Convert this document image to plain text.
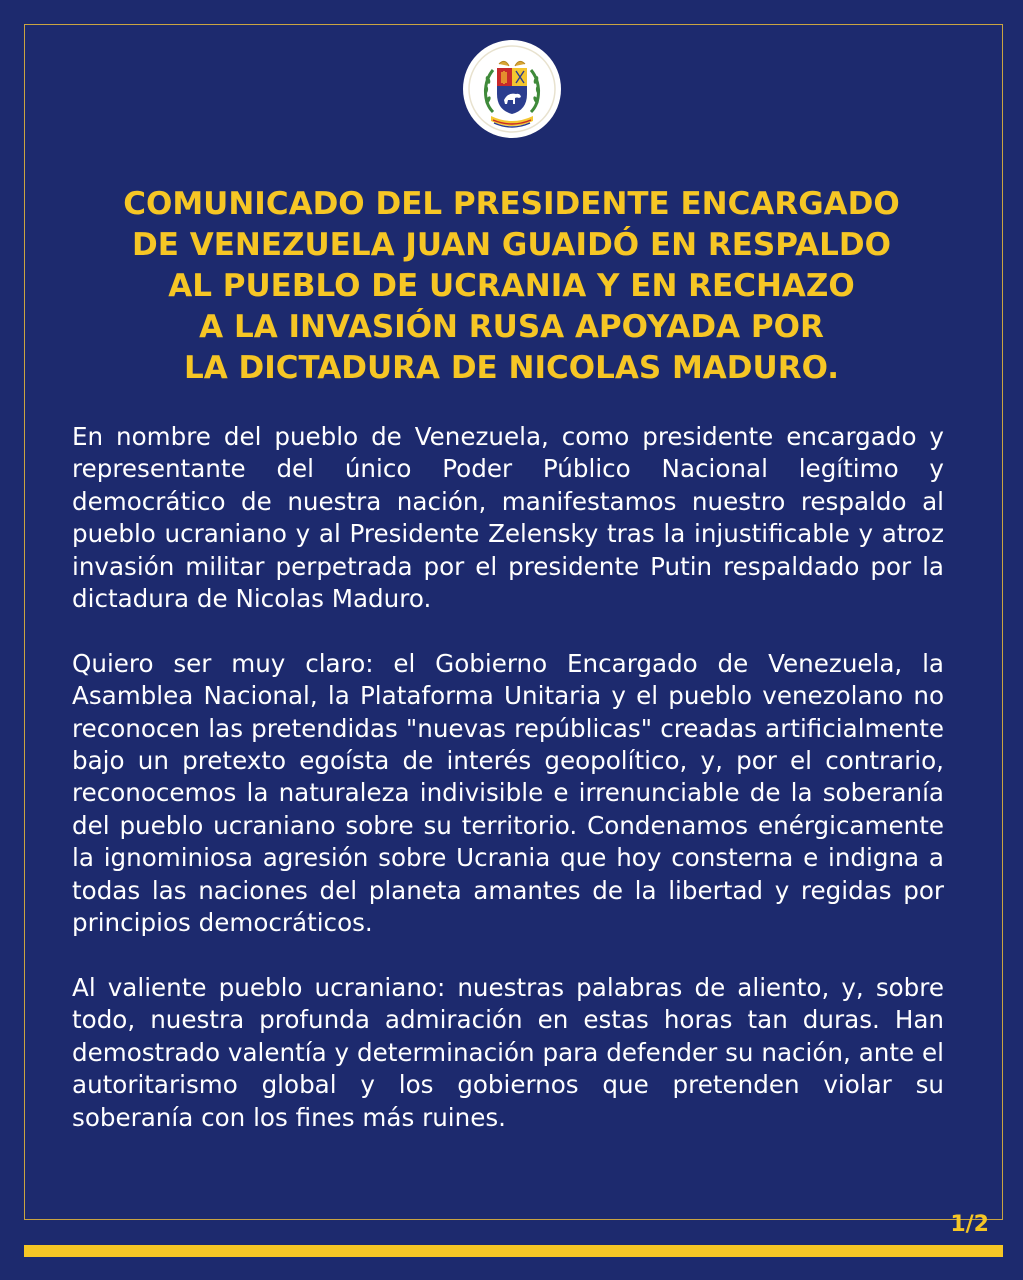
COMUNICADO DEL PRESIDENTE ENCARGADO
DE VENEZUELA JUAN GUAIDÓ EN RESPALDO
AL PUEBLO DE UCRANIA Y EN RECHAZO
A LA INVASIÓN RUSA APOYADA POR
LA DICTADURA DE NICOLAS MADURO.

En nombre del pueblo de Venezuela, como presidente encargado y representante del único Poder Público Nacional legítimo y democrático de nuestra nación, manifestamos nuestro respaldo al pueblo ucraniano y al Presidente Zelensky tras la injustificable y atroz invasión militar perpetrada por el presidente Putin respaldado por la dictadura de Nicolas Maduro.

Quiero ser muy claro: el Gobierno Encargado de Venezuela, la Asamblea Nacional, la Plataforma Unitaria y el pueblo venezolano no reconocen las pretendidas "nuevas repúblicas" creadas artificialmente bajo un pretexto egoísta de interés geopolítico, y, por el contrario, reconocemos la naturaleza indivisible e irrenunciable de la soberanía del pueblo ucraniano sobre su territorio. Condenamos enérgicamente la ignominiosa agresión sobre Ucrania que hoy consterna e indigna a todas las naciones del planeta amantes de la libertad y regidas por principios democráticos.

Al valiente pueblo ucraniano: nuestras palabras de aliento, y, sobre todo, nuestra profunda admiración en estas horas tan duras. Han demostrado valentía y determinación para defender su nación, ante el autoritarismo global y los gobiernos que pretenden violar su soberanía con los fines más ruines.

1/2
